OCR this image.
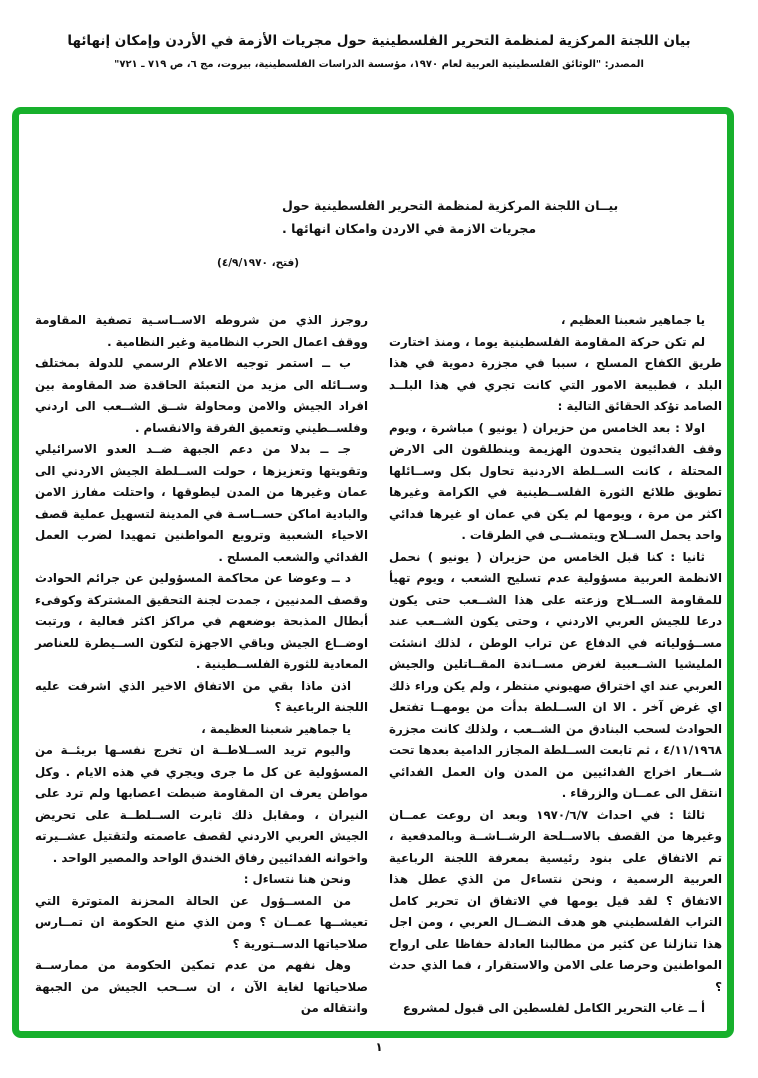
بيان اللجنة المركزية لمنظمة التحرير الفلسطينية حول مجريات الأزمة في الأردن وإمكان إنهائها
المصدر: "الوثائق الفلسطينية العربية لعام ١٩٧٠، مؤسسة الدراسات الفلسطينية، بيروت، مج ٦، ص ٧١٩ ـ ٧٢١"
بيــان اللجنة المركزية لمنظمة التحرير الفلسطينية حول
مجريات الازمة في الاردن وامكان انهائها .
(فتح، ٤/٩/١٩٧٠)

يا جماهير شعبنا العظيم ،

لم تكن حركة المقاومة الفلسطينية يوما ، ومنذ اختارت طريق الكفاح المسلح ، سببا في مجزرة دموية في هذا البلد ، فطبيعة الامور التي كانت تجري في هذا البلــد الصامد تؤكد الحقائق التالية :

اولا : بعد الخامس من حزيران ( يونيو ) مباشرة ، ويوم وقف الفدائيون يتحدون الهزيمة وينطلقون الى الارض المحتلة ، كانت الســلطة الاردنية تحاول بكل وســائلها تطويق طلائع الثورة الفلســطينية في الكرامة وغيرها اكثر من مرة ، ويومها لم يكن في عمان او غيرها فدائي واحد يحمل الســلاح ويتمشــى في الطرقات .

ثانيا : كنا قبل الخامس من حزيران ( يونيو ) نحمل الانظمة العربية مسؤولية عدم تسليح الشعب ، ويوم تهيأ للمقاومة الســلاح وزعته على هذا الشــعب حتى يكون درعا للجيش العربي الاردني ، وحتى يكون الشــعب عند مســؤولياته في الدفاع عن تراب الوطن ، لذلك انشئت المليشيا الشــعبية لغرض مســاندة المقــاتلين والجيش العربي عند اي اختراق صهيوني منتظر ، ولم يكن وراء ذلك اي غرض آخر . الا ان الســلطة بدأت من يومهــا تفتعل الحوادث لسحب البنادق من الشــعب ، ولذلك كانت مجزرة ٤/١١/١٩٦٨ ، ثم تابعت الســلطة المجازر الدامية بعدها تحت شــعار اخراج الفدائيين من المدن وان العمل الفدائي انتقل الى عمــان والزرقاء .

ثالثا : في احداث ١٩٧٠/٦/٧ وبعد ان روعت عمــان وغيرها من القصف بالاســلحة الرشــاشــة وبالمدفعية ، تم الاتفاق على بنود رئيسية بمعرفة اللجنة الرباعية العربية الرسمية ، ونحن نتساءل من الذي عطل هذا الاتفاق ؟ لقد قيل يومها في الاتفاق ان تحرير كامل التراب الفلسطيني هو هدف النضــال العربي ، ومن اجل هذا تنازلنا عن كثير من مطالبنا العادلة حفاظا على ارواح المواطنين وحرصا على الامن والاستقرار ، فما الذي حدث ؟

أ ــ غاب التحرير الكامل لفلسطين الى قبول لمشروع

روجرز الذي من شروطه الاســاسـية تصفية المقاومة ووقف اعمال الحرب النظامية وغير النظامية .

ب ــ استمر توجيه الاعلام الرسمي للدولة بمختلف وســائله الى مزيد من التعبئة الحاقدة ضد المقاومة بين افراد الجيش والامن ومحاولة شــق الشــعب الى اردني وفلســطيني وتعميق الفرقة والانقسام .

جـ ــ بدلا من دعم الجبهة ضــد العدو الاسرائيلي وتقويتها وتعزيزها ، حولت الســلطة الجيش الاردني الى عمان وغيرها من المدن ليطوقها ، واحتلت مفارز الامن والبادية اماكن حســاسـة في المدينة لتسهيل عملية قصف الاحياء الشعبية وترويع المواطنين تمهيدا لضرب العمل الفدائي والشعب المسلح .

د ــ وعوضا عن محاكمة المسؤولين عن جرائم الحوادث وقصف المدنيين ، جمدت لجنة التحقيق المشتركة وكوفىء أبطال المذبحة بوضعهم في مراكز اكثر فعالية ، ورتبت اوضــاع الجيش وباقي الاجهزة لتكون الســيطرة للعناصر المعادية للثورة الفلســطينية .

اذن ماذا بقي من الاتفاق الاخير الذي اشرفت عليه اللجنة الرباعية ؟

يا جماهير شعبنا العظيمة ،

واليوم تريد الســلاطــة ان تخرج نفسـها بريئــة من المسؤولية عن كل ما جرى ويجري في هذه الايام . وكل مواطن يعرف ان المقاومة ضبطت اعصابها ولم ترد على النيران ، ومقابل ذلك ثابرت الســلطــة على تحريض الجيش العربي الاردني لقصف عاصمته ولتقتيل عشــيرته واخوانه الفدائيين رفاق الخندق الواحد والمصير الواحد .

ونحن هنا نتساءل :

من المســؤول عن الحالة المحزنة المتوترة التي تعيشــها عمــان ؟ ومن الذي منع الحكومة ان تمــارس صلاحياتها الدســتورية ؟

وهل نفهم من عدم تمكين الحكومة من ممارســة صلاحياتها لغاية الآن ، ان ســحب الجيش من الجبهة وانتقاله من

١
